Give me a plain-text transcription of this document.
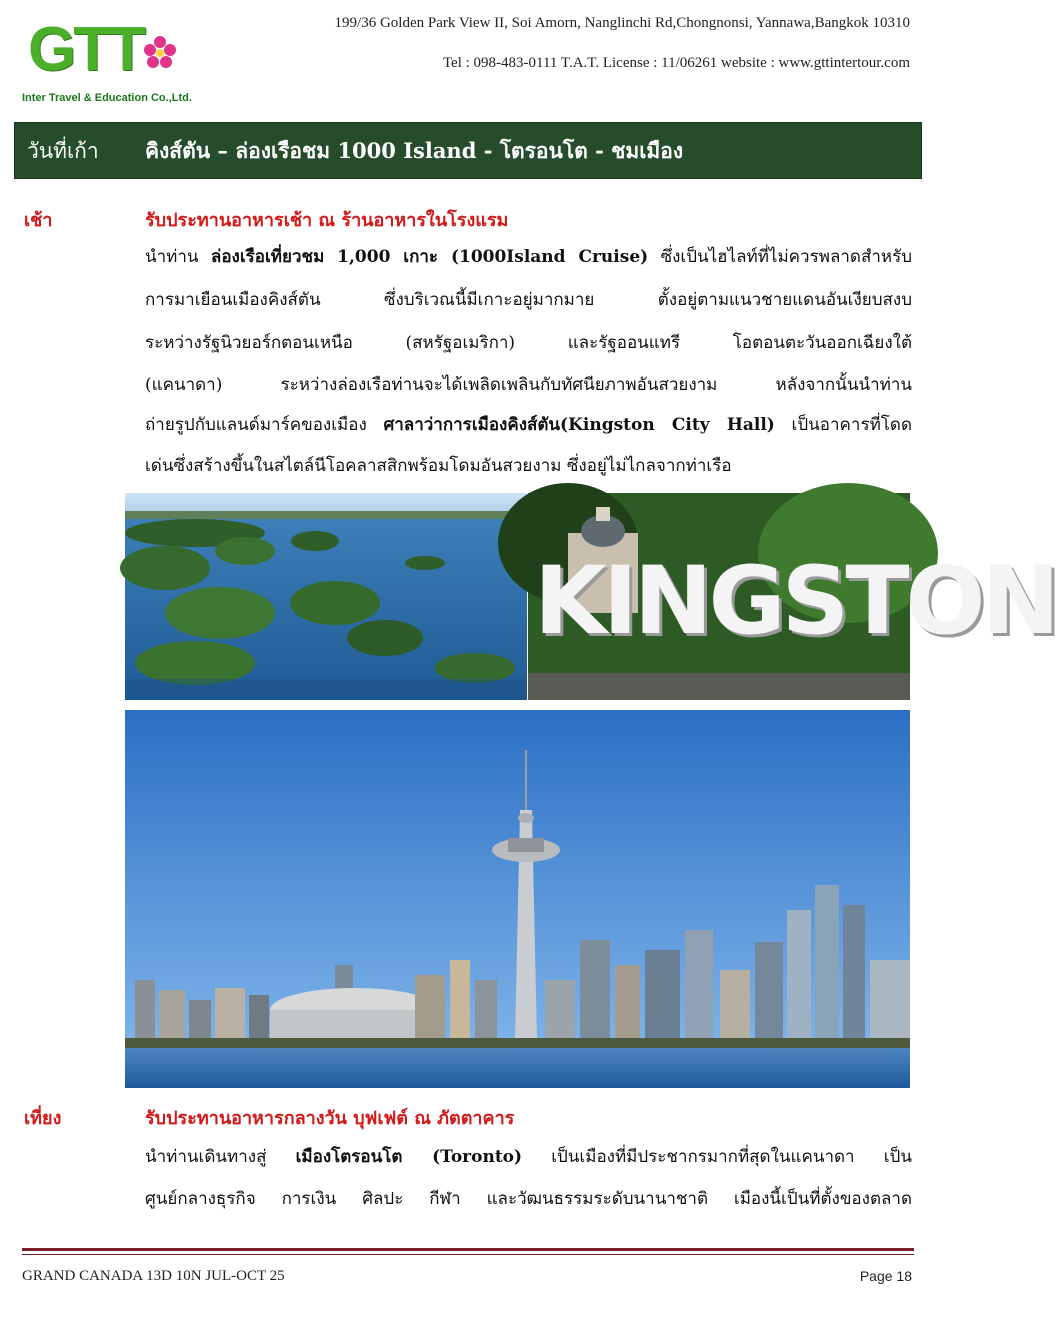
GTT
Inter Travel & Education Co.,Ltd.
199/36 Golden Park View II, Soi Amorn, Nanglinchi Rd,Chongnonsi, Yannawa,Bangkok 10310
Tel : 098-483-0111 T.A.T. License : 11/06261 website : www.gttintertour.com
วันที่เก้า คิงส์ตัน – ล่องเรือชม 1000 Island - โตรอนโต - ชมเมือง
เช้า	รับประทานอาหารเช้า ณ ร้านอาหารในโรงแรม
นำท่าน ล่องเรือเที่ยวชม 1,000 เกาะ (1000Island Cruise) ซึ่งเป็นไฮไลท์ที่ไม่ควรพลาดสำหรับ
การมาเยือนเมืองคิงส์ตัน ซึ่งบริเวณนี้มีเกาะอยู่มากมาย ตั้งอยู่ตามแนวชายแดนอันเงียบสงบ
ระหว่างรัฐนิวยอร์กตอนเหนือ (สหรัฐอเมริกา) และรัฐออนแทรี โอตอนตะวันออกเฉียงใต้
(แคนาดา) ระหว่างล่องเรือท่านจะได้เพลิดเพลินกับทัศนียภาพอันสวยงาม หลังจากนั้นนำท่าน
ถ่ายรูปกับแลนด์มาร์คของเมือง ศาลาว่าการเมืองคิงส์ตัน(Kingston City Hall) เป็นอาคารที่โดด
เด่นซึ่งสร้างขึ้นในสไตล์นีโอคลาสสิกพร้อมโดมอันสวยงาม ซึ่งอยู่ไม่ไกลจากท่าเรือ
KINGSTON
เที่ยง	รับประทานอาหารกลางวัน บุฟเฟต์ ณ ภัตตาคาร
นำท่านเดินทางสู่ เมืองโตรอนโต (Toronto) เป็นเมืองที่มีประชากรมากที่สุดในแคนาดา เป็น
ศูนย์กลางธุรกิจ การเงิน ศิลปะ กีฬา และวัฒนธรรมระดับนานาชาติ เมืองนี้เป็นที่ตั้งของตลาด
GRAND CANADA 13D 10N JUL-OCT 25	Page 18
